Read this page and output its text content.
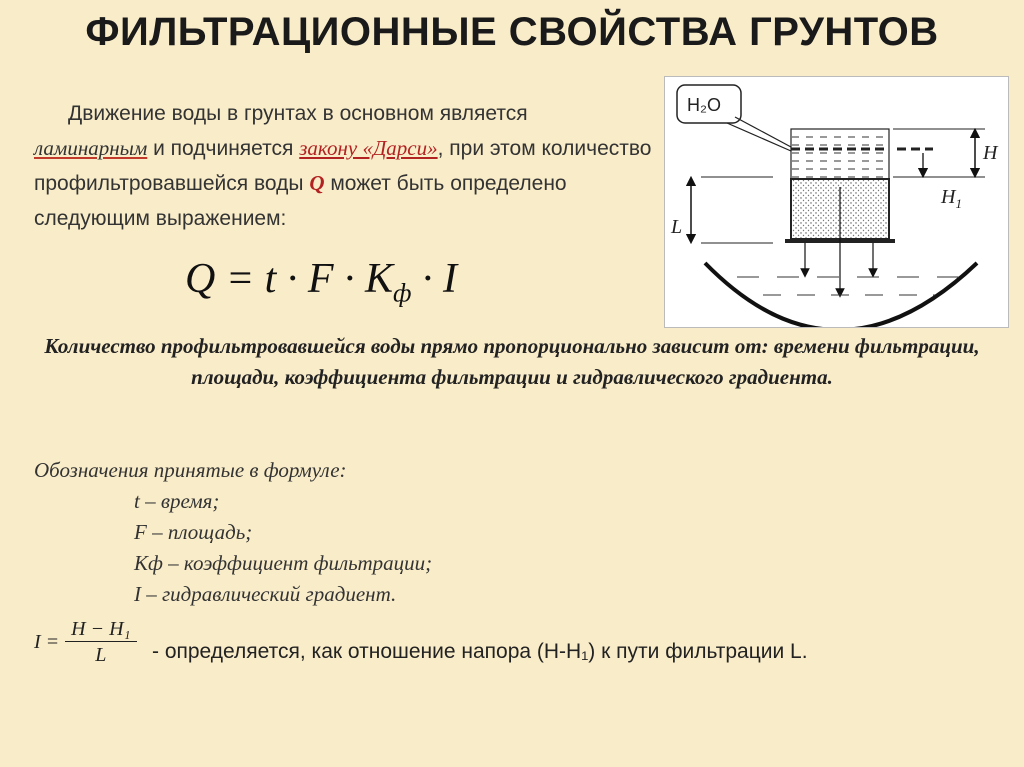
ФИЛЬТРАЦИОННЫЕ СВОЙСТВА ГРУНТОВ
Движение воды в грунтах в основном является
ламинарным и подчиняется закону «Дарси», при этом количество профильтровавшейся воды Q может быть определено следующим выражением:
$Q = t \cdot F \cdot K_ф \cdot I$
H₂O
H
$H_1$
L
Количество профильтровавшейся воды прямо пропорционально зависит от: времени фильтрации, площади, коэффициента фильтрации и гидравлического градиента.
Обозначения принятые в формуле:
t – время;
F – площадь;
Kф – коэффициент фильтрации;
I – гидравлический градиент.
$I = \frac{\text{H − H₁}}{L}$ - определяется, как отношение напора (H-H₁) к пути фильтрации L.
